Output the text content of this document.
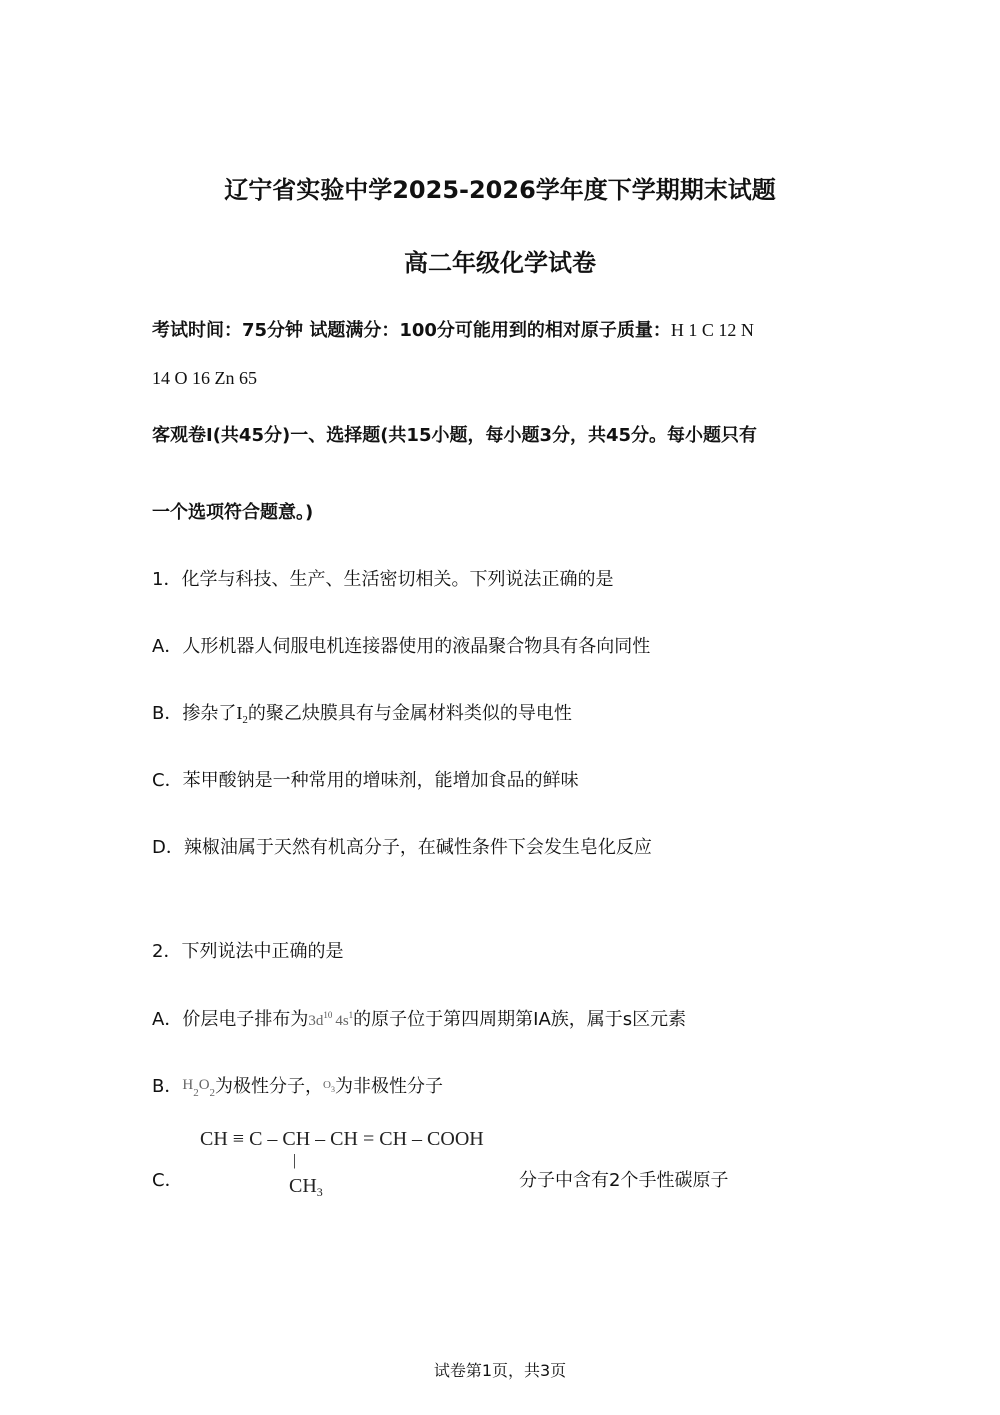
辽宁省实验中学2025-2026学年度下学期期末试题
高二年级化学试卷
考试时间：75分钟 试题满分：100分可能用到的相对原子质量：H 1 C 12 N
14 O 16 Zn 65
客观卷Ⅰ(共45分)一、选择题(共15小题，每小题3分，共45分。每小题只有
一个选项符合题意。)
1．化学与科技、生产、生活密切相关。下列说法正确的是
A．人形机器人伺服电机连接器使用的液晶聚合物具有各向同性
B．掺杂了$I_2$的聚乙炔膜具有与金属材料类似的导电性
C．苯甲酸钠是一种常用的增味剂，能增加食品的鲜味
D．辣椒油属于天然有机高分子，在碱性条件下会发生皂化反应
2．下列说法中正确的是
A．价层电子排布为$3d^{10}$ $4s^1$的原子位于第四周期第ⅠA族，属于s区元素
B．$H_2O_2$为极性分子，$^O$3为非极性分子
C．
CH ≡ C – CH – CH = CH – COOH
|
$CH_3$
分子中含有2个手性碳原子
试卷第1页，共3页
